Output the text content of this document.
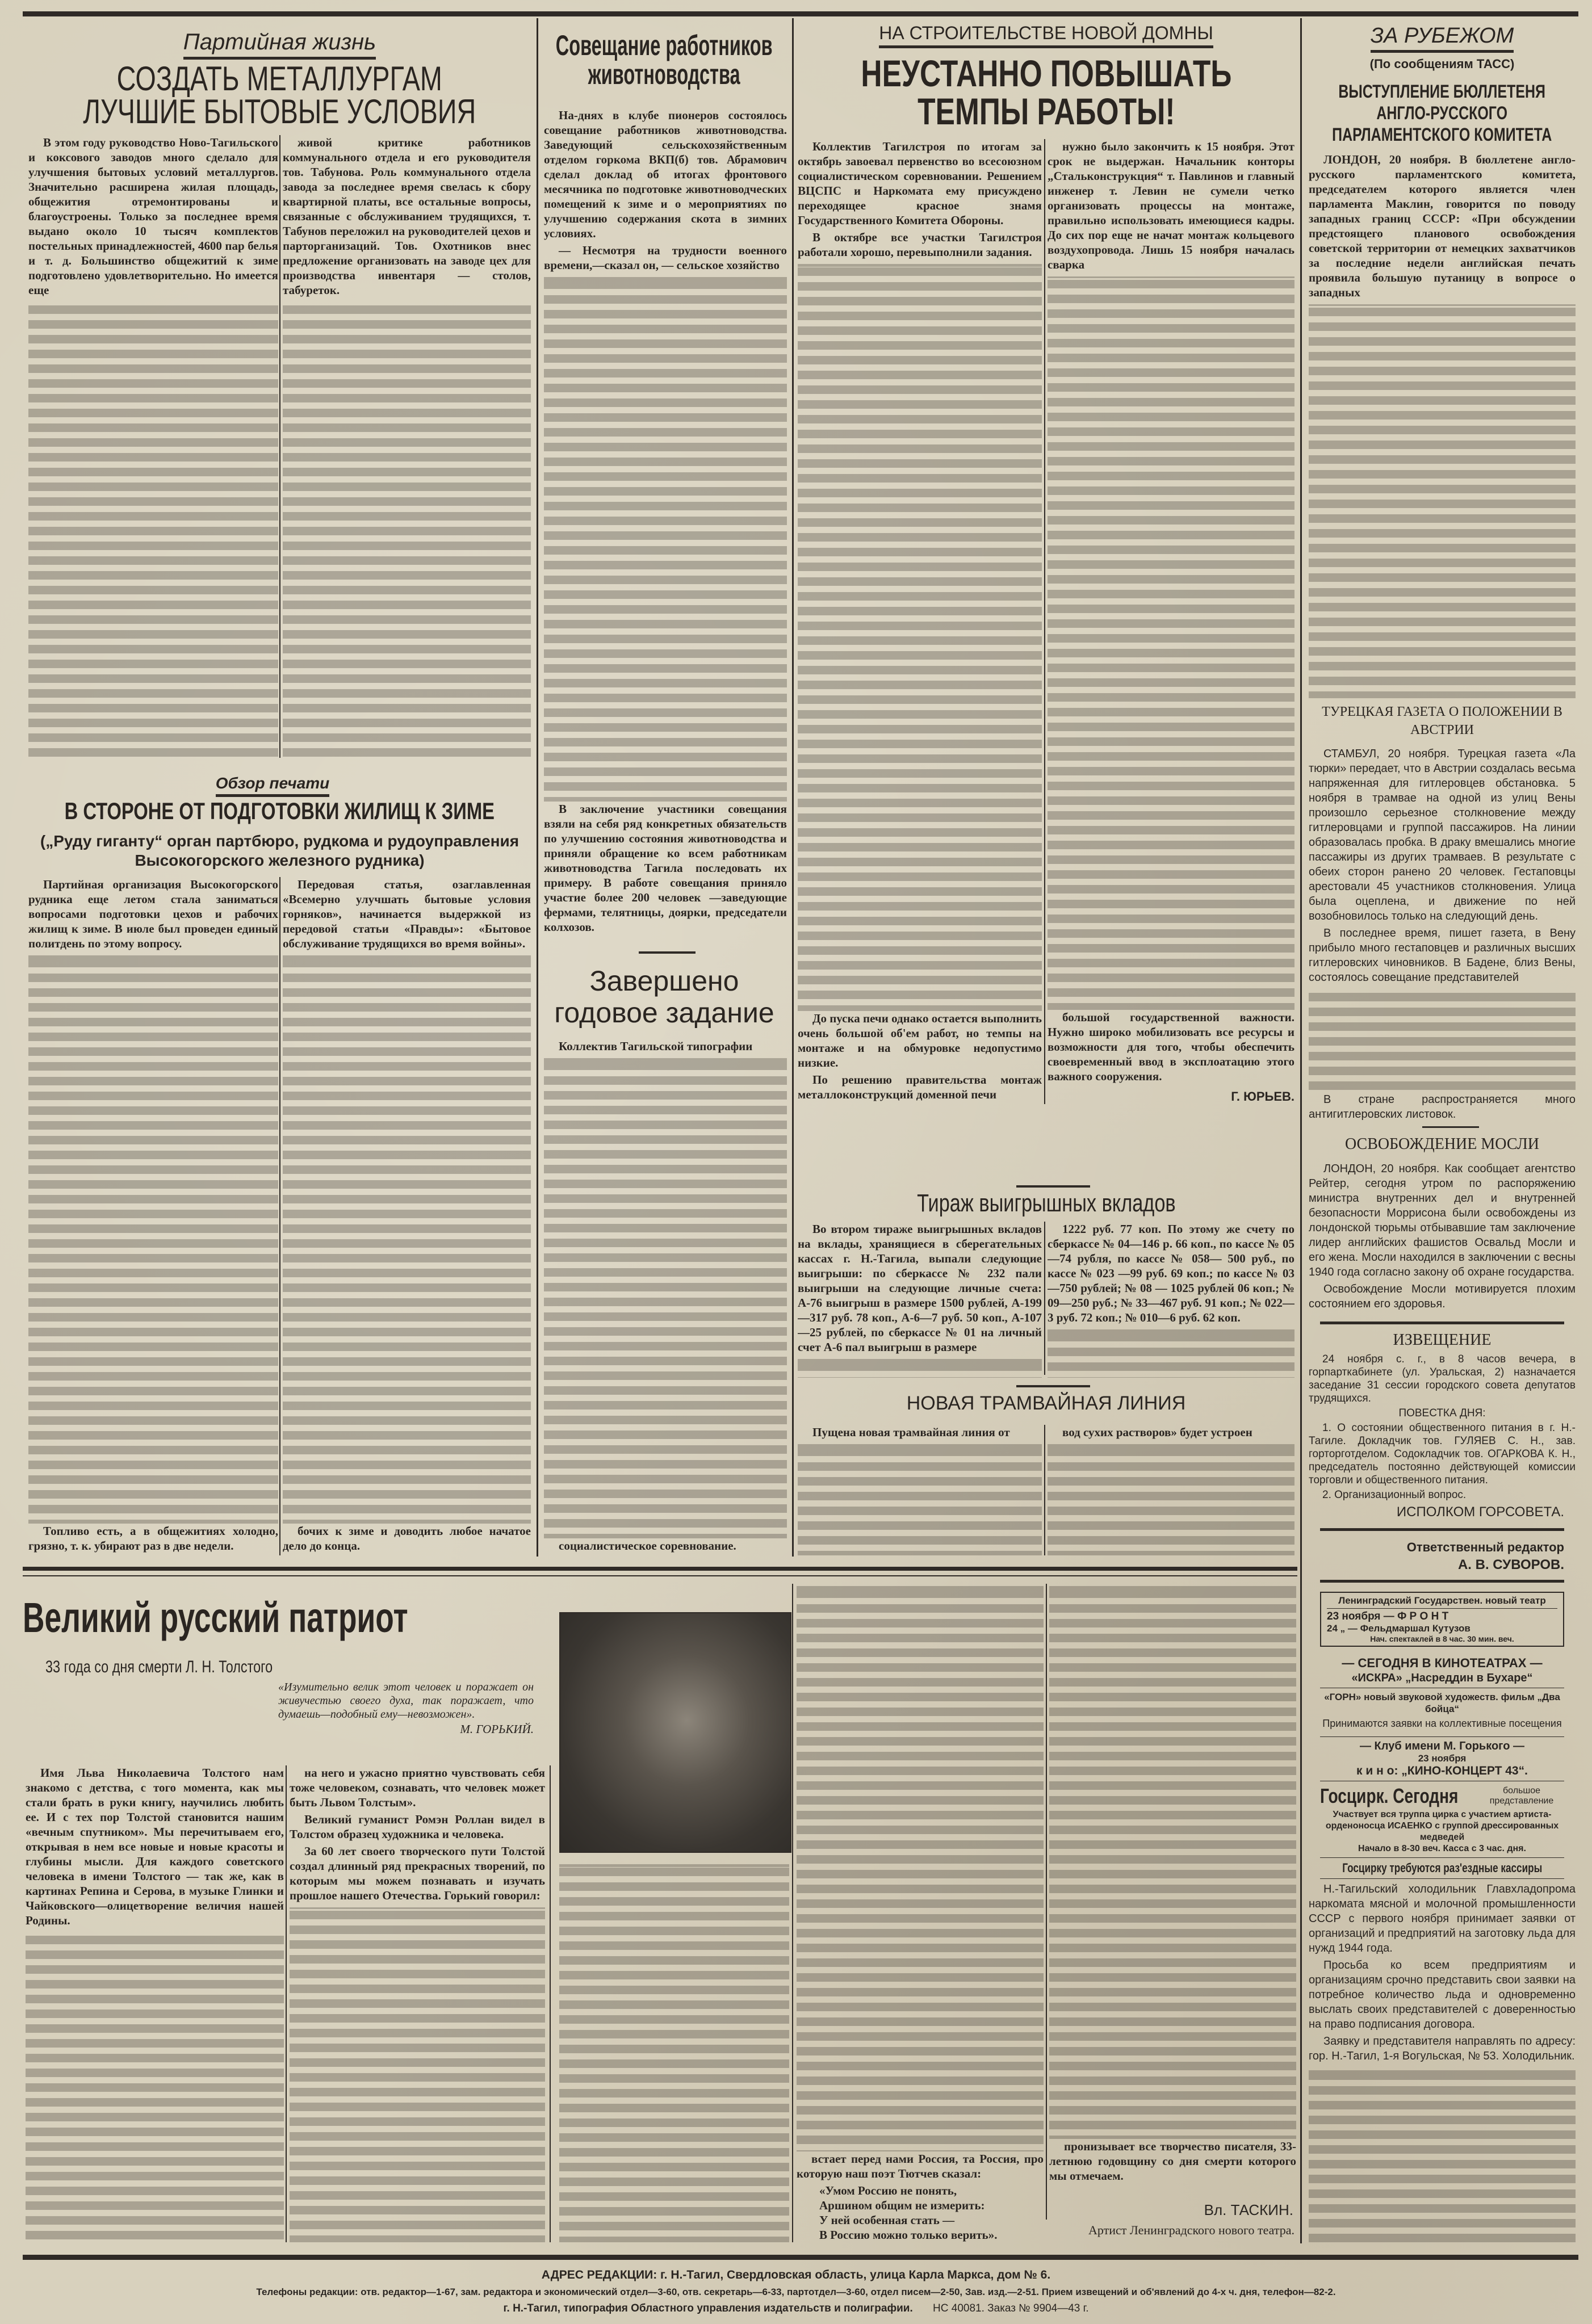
Партийная жизнь
СОЗДАТЬ МЕТАЛЛУРГАМ
ЛУЧШИЕ БЫТОВЫЕ УСЛОВИЯ

В этом году руководство Ново-Тагильского и коксового заводов много сделало для улучшения бытовых условий металлургов. Значительно расширена жилая площадь, общежития отремонтированы и благоустроены. Только за последнее время выдано около 10 тысяч комплектов постельных принадлежностей, 4600 пар белья и т. д. Большинство общежитий к зиме подготовлено удовлетворительно. Но имеется еще

живой критике работников коммунального отдела и его руководителя тов. Табунова. Роль коммунального отдела завода за последнее время свелась к сбору квартирной платы, все остальные вопросы, связанные с обслуживанием трудящихся, т. Табунов переложил на руководителей цехов и парторганизаций. Тов. Охотников внес предложение организовать на заводе цех для производства инвентаря — столов, табуреток.

Обзор печати
В СТОРОНЕ ОТ ПОДГОТОВКИ ЖИЛИЩ К ЗИМЕ
(„Руду гиганту“ орган партбюро, рудкома и рудоуправления Высокогорского железного рудника)

Партийная организация Высокогорского рудника еще летом стала заниматься вопросами подготовки цехов и рабочих жилищ к зиме. В июле был проведен единый политдень по этому вопросу.

Топливо есть, а в общежитиях холодно, грязно, т. к. убирают раз в две недели.

Передовая статья, озаглавленная «Всемерно улучшать бытовые условия горняков», начинается выдержкой из передовой статьи «Правды»: «Бытовое обслуживание трудящихся во время войны».

бочих к зиме и доводить любое начатое дело до конца.

Совещание работников
животноводства

На-днях в клубе пионеров состоялось совещание работников животноводства. Заведующий сельскохозяйственным отделом горкома ВКП(б) тов. Абрамович сделал доклад об итогах фронтового месячника по подготовке животноводческих помещений к зиме и о мероприятиях по улучшению содержания скота в зимних условиях.

— Несмотря на трудности военного времени,—сказал он, — сельское хозяйство

В заключение участники совещания взяли на себя ряд конкретных обязательств по улучшению состояния животноводства и приняли обращение ко всем работникам животноводства Тагила последовать их примеру. В работе совещания приняло участие более 200 человек —заведующие фермами, телятницы, доярки, председатели колхозов.

Завершено
годовое задание

Коллектив Тагильской типографии

социалистическое соревнование.

НА СТРОИТЕЛЬСТВЕ НОВОЙ ДОМНЫ
НЕУСТАННО ПОВЫШАТЬ
ТЕМПЫ РАБОТЫ!

Коллектив Тагилстроя по итогам за октябрь завоевал первенство во всесоюзном социалистическом соревновании. Решением ВЦСПС и Наркомата ему присуждено переходящее красное знамя Государственного Комитета Обороны.

В октябре все участки Тагилстроя работали хорошо, перевыполнили задания.

До пуска печи однако остается выполнить очень большой об'ем работ, но темпы на монтаже и на обмуровке недопустимо низкие.

По решению правительства монтаж металлоконструкций доменной печи

нужно было закончить к 15 ноября. Этот срок не выдержан. Начальник конторы „Стальконструкция“ т. Павлинов и главный инженер т. Левин не сумели четко организовать процессы на монтаже, правильно использовать имеющиеся кадры. До сих пор еще не начат монтаж кольцевого воздухопровода. Лишь 15 ноября началась сварка

большой государственной важности. Нужно широко мобилизовать все ресурсы и возможности для того, чтобы обеспечить своевременный ввод в эксплоатацию этого важного сооружения.

Г. ЮРЬЕВ.
Тираж выигрышных вкладов

Во втором тираже выигрышных вкладов на вклады, хранящиеся в сберегательных кассах г. Н.-Тагила, выпали следующие выигрыши: по сберкассе № 232 пали выигрыши на следующие личные счета: А-76 выигрыш в размере 1500 рублей, А-199—317 руб. 78 коп., А-6—7 руб. 50 коп., А-107—25 рублей, по сберкассе № 01 на личный счет А-6 пал выигрыш в размере

1222 руб. 77 коп. По этому же счету по сберкассе № 04—146 р. 66 коп., по кассе № 05—74 рубля, по кассе № 058— 500 руб., по кассе № 023 —99 руб. 69 коп.; по кассе № 03—750 рублей; № 08 — 1025 рублей 06 коп.; № 09—250 руб.; № 33—467 руб. 91 коп.; № 022—3 руб. 72 коп.; № 010—6 руб. 62 коп.

НОВАЯ ТРАМВАЙНАЯ ЛИНИЯ

Пущена новая трамвайная линия от	вод сухих растворов» будет устроен

ЗА РУБЕЖОМ
(По сообщениям ТАСС)
ВЫСТУПЛЕНИЕ БЮЛЛЕТЕНЯ
АНГЛО-РУССКОГО
ПАРЛАМЕНТСКОГО КОМИТЕТА

ЛОНДОН, 20 ноября. В бюллетене англо-русского парламентского комитета, председателем которого является член парламента Маклин, говорится по поводу западных границ СССР: «При обсуждении предстоящего планового освобождения советской территории от немецких захватчиков за последние недели английская печать проявила большую путаницу в вопросе о западных

ТУРЕЦКАЯ ГАЗЕТА О ПОЛОЖЕНИИ В АВСТРИИ

СТАМБУЛ, 20 ноября. Турецкая газета «Ла тюрки» передает, что в Австрии создалась весьма напряженная для гитлеровцев обстановка. 5 ноября в трамвае на одной из улиц Вены произошло серьезное столкновение между гитлеровцами и группой пассажиров. На линии образовалась пробка. В драку вмешались многие пассажиры из других трамваев. В результате с обеих сторон ранено 20 человек. Гестаповцы арестовали 45 участников столкновения. Улица была оцеплена, и движение по ней возобновилось только на следующий день.

В последнее время, пишет газета, в Вену прибыло много гестаповцев и различных высших гитлеровских чиновников. В Бадене, близ Вены, состоялось совещание представителей

В стране распространяется много антигитлеровских листовок.

ОСВОБОЖДЕНИЕ МОСЛИ

ЛОНДОН, 20 ноября. Как сообщает агентство Рейтер, сегодня утром по распоряжению министра внутренних дел и внутренней безопасности Моррисона были освобождены из лондонской тюрьмы отбывавшие там заключение лидер английских фашистов Освальд Мосли и его жена. Мосли находился в заключении с весны 1940 года согласно закону об охране государства.

Освобождение Мосли мотивируется плохим состоянием его здоровья.

ИЗВЕЩЕНИЕ

24 ноября с. г., в 8 часов вечера, в горпарткабинете (ул. Уральская, 2) назначается заседание 31 сессии городского совета депутатов трудящихся.

ПОВЕСТКА ДНЯ:

1. О состоянии общественного питания в г. Н.-Тагиле. Докладчик тов. ГУЛЯЕВ С. Н., зав. горторготделом. Содокладчик тов. ОГАРКОВА К. Н., председатель постоянно действующей комиссии торговли и общественного питания.

2. Организационный вопрос.

ИСПОЛКОМ ГОРСОВЕТА.
Ответственный редактор
А. В. СУВОРОВ.
Ленинградский Государствен. новый театр
23 ноября — Ф Р О Н Т
24 „ — Фельдмаршал Кутузов
Нач. спектаклей в 8 час. 30 мин. веч.
— СЕГОДНЯ В КИНОТЕАТРАХ —
«ИСКРА» „Насреддин в Бухаре“
«ГОРН» новый звуковой художеств. фильм „Два бойца“
Принимаются заявки на коллективные посещения
— Клуб имени М. Горького —
23 ноября
к и н о: „КИНО-КОНЦЕРТ 43“.
Госцирк. Сегодня	большое представление
Участвует вся труппа цирка с участием артиста-орденоносца ИСАЕНКО с группой дрессированных медведей
Начало в 8-30 веч. Касса с 3 час. дня.
Госцирку требуются раз'ездные кассиры

Н.-Тагильский холодильник Главхладопрома наркомата мясной и молочной промышленности СССР с первого ноября принимает заявки от организаций и предприятий на заготовку льда для нужд 1944 года.

Просьба ко всем предприятиям и организациям срочно представить свои заявки на потребное количество льда и одновременно выслать своих представителей с доверенностью на право подписания договора.

Заявку и представителя направлять по адресу: гор. Н.-Тагил, 1-я Вогульская, № 53. Холодильник.

Великий русский патриот
33 года со дня смерти Л. Н. Толстого
«Изумительно велик этот человек и поражает он живучестью своего духа, так поражает, что думаешь—подобный ему—невозможен».
М. ГОРЬКИЙ.

Имя Льва Николаевича Толстого нам знакомо с детства, с того момента, как мы стали брать в руки книгу, научились любить ее. И с тех пор Толстой становится нашим «вечным спутником». Мы перечитываем его, открывая в нем все новые и новые красоты и глубины мысли. Для каждого советского человека в имени Толстого — так же, как в картинах Репина и Серова, в музыке Глинки и Чайковского—олицетворение величия нашей Родины.

на него и ужасно приятно чувствовать себя тоже человеком, сознавать, что человек может быть Львом Толстым».

Великий гуманист Ромэн Роллан видел в Толстом образец художника и человека.

За 60 лет своего творческого пути Толстой создал длинный ряд прекрасных творений, по которым мы можем познавать и изучать прошлое нашего Отечества. Горький говорил:

встает перед нами Россия, та Россия, про которую наш поэт Тютчев сказал:

«Умом Россию не понять,

Аршином общим не измерить:

У ней особенная стать —

В Россию можно только верить».

пронизывает все творчество писателя, 33-летнюю годовщину со дня смерти которого мы отмечаем.

Вл. ТАСКИН.
Артист Ленинградского нового театра.
АДРЕС РЕДАКЦИИ: г. Н.-Тагил, Свердловская область, улица Карла Маркса, дом № 6.
Телефоны редакции: отв. редактор—1-67, зам. редактора и экономический отдел—3-60, отв. секретарь—6-33, партотдел—3-60, отдел писем—2-50, Зав. изд.—2-51. Прием извещений и об'явлений до 4-х ч. дня, телефон—82-2.
г. Н.-Тагил, типография Областного управления издательств и полиграфии. НС 40081. Заказ № 9904—43 г.
